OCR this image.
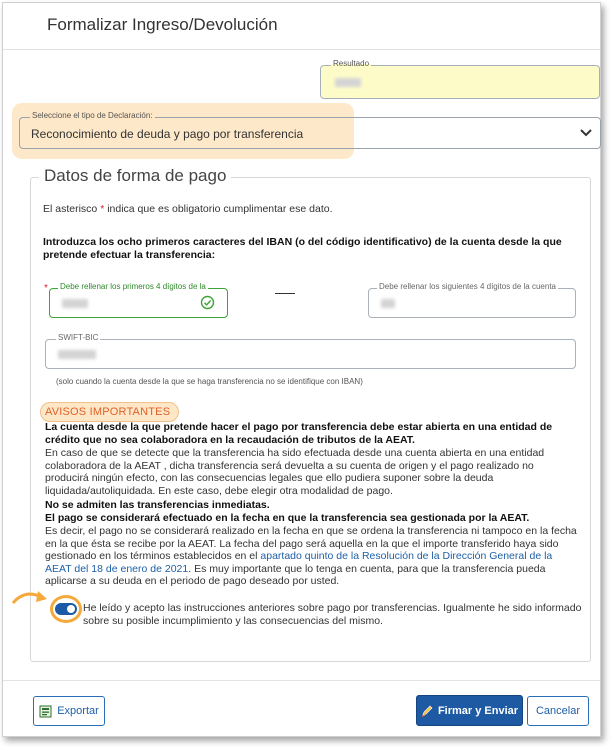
Formalizar Ingreso/Devolución
Resultado
Seleccione el tipo de Declaración:
Reconocimiento de deuda y pago por transferencia
Datos de forma de pago
El asterisco * indica que es obligatorio cumplimentar ese dato.
Introduzca los ocho primeros caracteres del IBAN (o del código identificativo) de la cuenta desde la que pretende efectuar la transferencia:
* Debe rellenar los primeros 4 dígitos de la	Debe rellenar los siguientes 4 dígitos de la cuenta
SWIFT-BIC
(solo cuando la cuenta desde la que se haga transferencia no se identifique con IBAN)
AVISOS IMPORTANTES
La cuenta desde la que pretende hacer el pago por transferencia debe estar abierta en una entidad de crédito que no sea colaboradora en la recaudación de tributos de la AEAT.
En caso de que se detecte que la transferencia ha sido efectuada desde una cuenta abierta en una entidad colaboradora de la AEAT , dicha transferencia será devuelta a su cuenta de origen y el pago realizado no producirá ningún efecto, con las consecuencias legales que ello pudiera suponer sobre la deuda liquidada/autoliquidada. En este caso, debe elegir otra modalidad de pago.
No se admiten las transferencias inmediatas.
El pago se considerará efectuado en la fecha en que la transferencia sea gestionada por la AEAT.
Es decir, el pago no se considerará realizado en la fecha en que se ordena la transferencia ni tampoco en la fecha en la que ésta se recibe por la AEAT. La fecha del pago será aquella en la que el importe transferido haya sido gestionado en los términos establecidos en el apartado quinto de la Resolución de la Dirección General de la AEAT del 18 de enero de 2021. Es muy importante que lo tenga en cuenta, para que la transferencia pueda aplicarse a su deuda en el periodo de pago deseado por usted.
He leído y acepto las instrucciones anteriores sobre pago por transferencias. Igualmente he sido informado sobre su posible incumplimiento y las consecuencias del mismo.
Exportar	Firmar y Enviar	Cancelar
